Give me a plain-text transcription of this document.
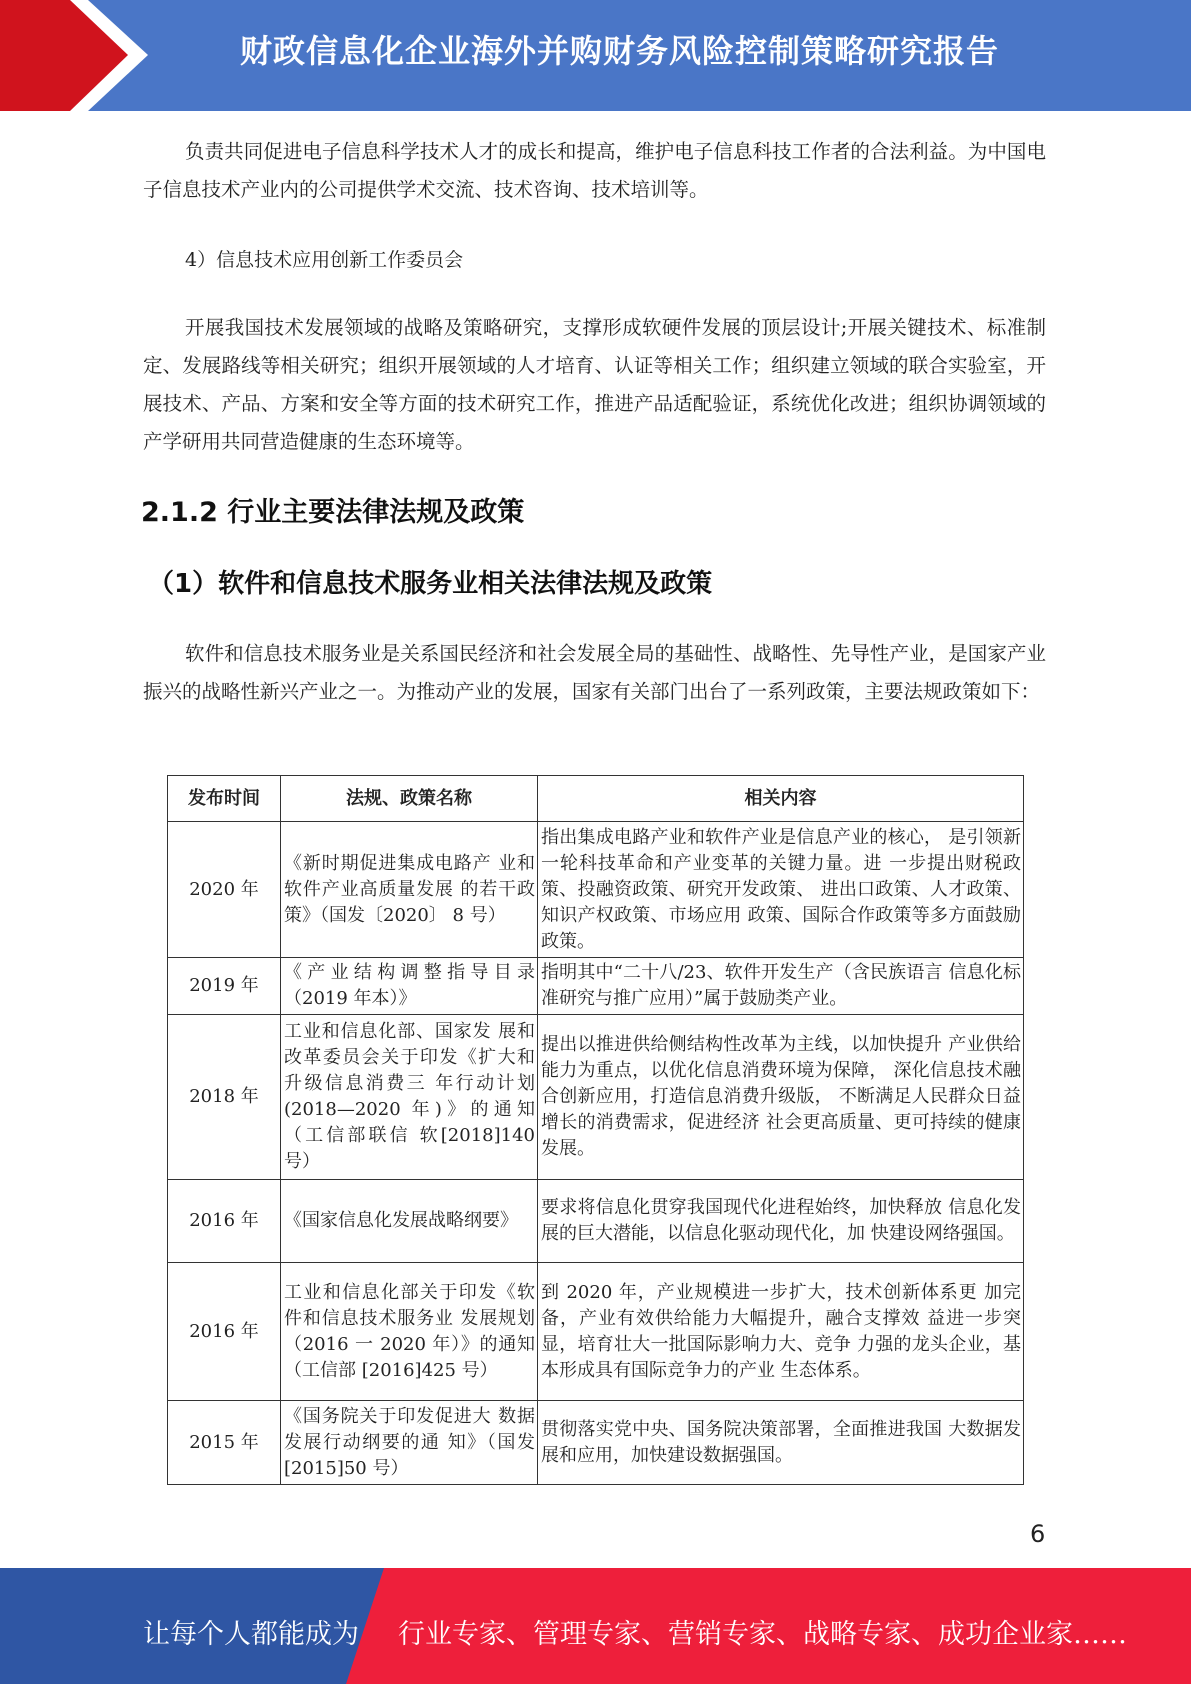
财政信息化企业海外并购财务风险控制策略研究报告

负责共同促进电子信息科学技术人才的成长和提高，维护电子信息科技工作者的合法利益。为中国电子信息技术产业内的公司提供学术交流、技术咨询、技术培训等。

4）信息技术应用创新工作委员会

开展我国技术发展领域的战略及策略研究，支撑形成软硬件发展的顶层设计;开展关键技术、标准制定、发展路线等相关研究；组织开展领域的人才培育、认证等相关工作；组织建立领域的联合实验室，开展技术、产品、方案和安全等方面的技术研究工作，推进产品适配验证，系统优化改进；组织协调领域的产学研用共同营造健康的生态环境等。

2.1.2 行业主要法律法规及政策
（1）软件和信息技术服务业相关法律法规及政策

软件和信息技术服务业是关系国民经济和社会发展全局的基础性、战略性、先导性产业，是国家产业振兴的战略性新兴产业之一。为推动产业的发展，国家有关部门出台了一系列政策，主要法规政策如下：

发布时间	法规、政策名称	相关内容
2020 年	《新时期促进集成电路产 业和软件产业高质量发展 的若干政策》（国发〔2020〕 8 号）	指出集成电路产业和软件产业是信息产业的核心， 是引领新一轮科技革命和产业变革的关键力量。进 一步提出财税政策、投融资政策、研究开发政策、 进出口政策、人才政策、知识产权政策、市场应用 政策、国际合作政策等多方面鼓励政策。
2019 年	《产业结构调整指导目录（2019 年本）》	指明其中“二十八/23、软件开发生产（含民族语言 信息化标准研究与推广应用）”属于鼓励类产业。
2018 年	工业和信息化部、国家发 展和改革委员会关于印发《扩大和升级信息消费三 年行动计划(2018—2020 年)》的通知（工信部联信 软[2018]140 号）	提出以推进供给侧结构性改革为主线，以加快提升 产业供给能力为重点，以优化信息消费环境为保障， 深化信息技术融合创新应用，打造信息消费升级版， 不断满足人民群众日益增长的消费需求，促进经济 社会更高质量、更可持续的健康发展。
2016 年	《国家信息化发展战略纲要》	要求将信息化贯穿我国现代化进程始终，加快释放 信息化发展的巨大潜能，以信息化驱动现代化，加 快建设网络强国。
2016 年	工业和信息化部关于印发《软件和信息技术服务业 发展规划（2016 一 2020 年）》的通知（工信部 [2016]425 号）	到 2020 年，产业规模进一步扩大，技术创新体系更 加完备，产业有效供给能力大幅提升，融合支撑效 益进一步突显，培育壮大一批国际影响力大、竞争 力强的龙头企业，基本形成具有国际竞争力的产业 生态体系。
2015 年	《国务院关于印发促进大 数据发展行动纲要的通 知》（国发[2015]50 号）	贯彻落实党中央、国务院决策部署，全面推进我国 大数据发展和应用，加快建设数据强国。
6
让每个人都能成为 行业专家、管理专家、营销专家、战略专家、成功企业家……
